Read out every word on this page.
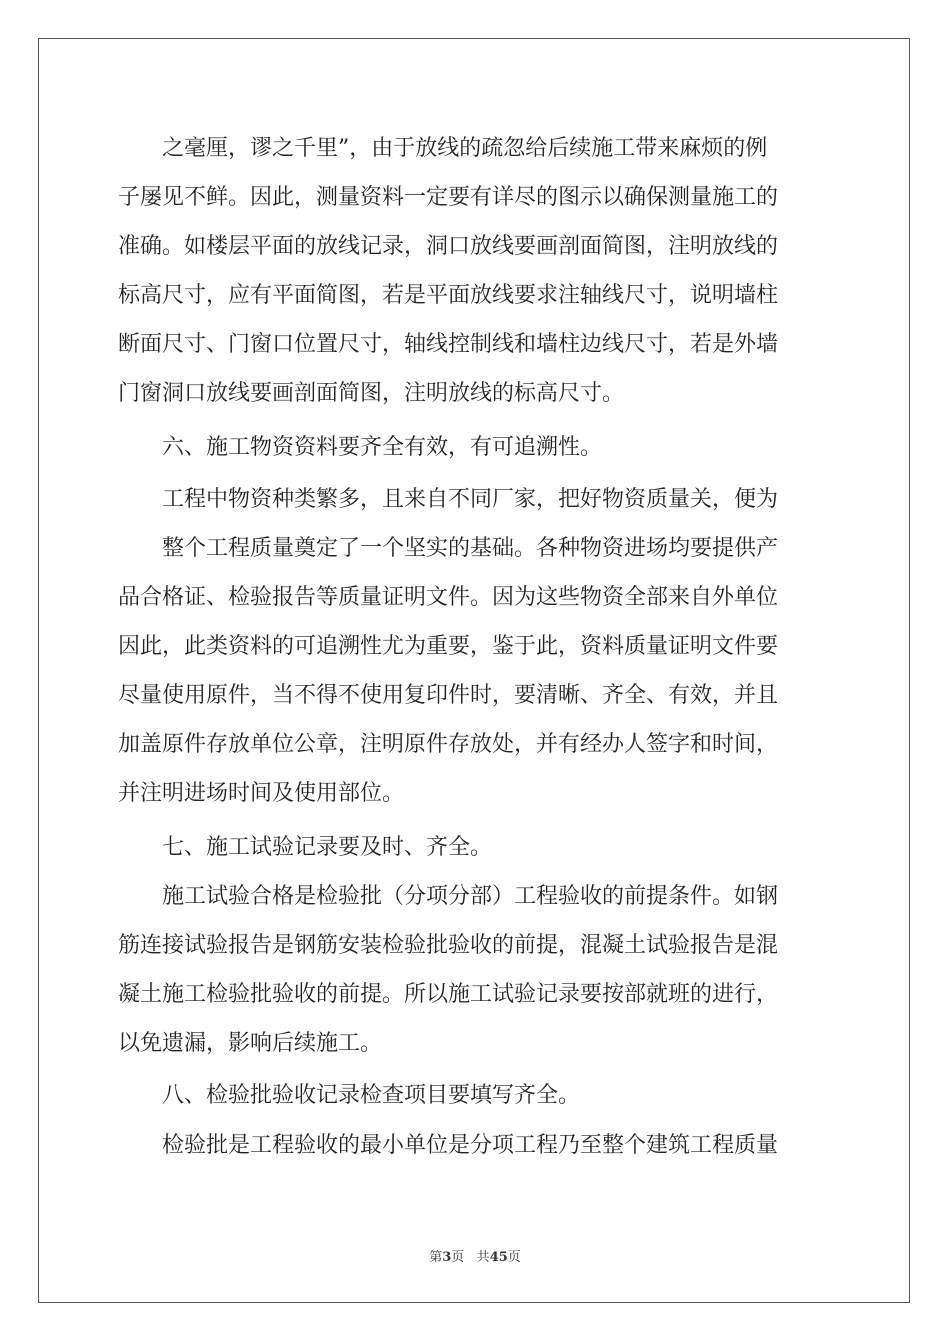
　　之毫厘，谬之千里”，由于放线的疏忽给后续施工带来麻烦的例
子屡见不鲜。因此，测量资料一定要有详尽的图示以确保测量施工的
准确。如楼层平面的放线记录，洞口放线要画剖面简图，注明放线的
标高尺寸，应有平面简图，若是平面放线要求注轴线尺寸，说明墙柱
断面尺寸、门窗口位置尺寸，轴线控制线和墙柱边线尺寸，若是外墙
门窗洞口放线要画剖面简图，注明放线的标高尺寸。
　　六、施工物资资料要齐全有效，有可追溯性。
　　工程中物资种类繁多，且来自不同厂家，把好物资质量关，便为
　　整个工程质量奠定了一个坚实的基础。各种物资进场均要提供产
品合格证、检验报告等质量证明文件。因为这些物资全部来自外单位
因此，此类资料的可追溯性尤为重要，鉴于此，资料质量证明文件要
尽量使用原件，当不得不使用复印件时，要清晰、齐全、有效，并且
加盖原件存放单位公章，注明原件存放处，并有经办人签字和时间，
并注明进场时间及使用部位。
　　七、施工试验记录要及时、齐全。
　　施工试验合格是检验批（分项分部）工程验收的前提条件。如钢
筋连接试验报告是钢筋安装检验批验收的前提，混凝土试验报告是混
凝土施工检验批验收的前提。所以施工试验记录要按部就班的进行，
以免遗漏，影响后续施工。
　　八、检验批验收记录检查项目要填写齐全。
　　检验批是工程验收的最小单位是分项工程乃至整个建筑工程质量
第3页 共45页
